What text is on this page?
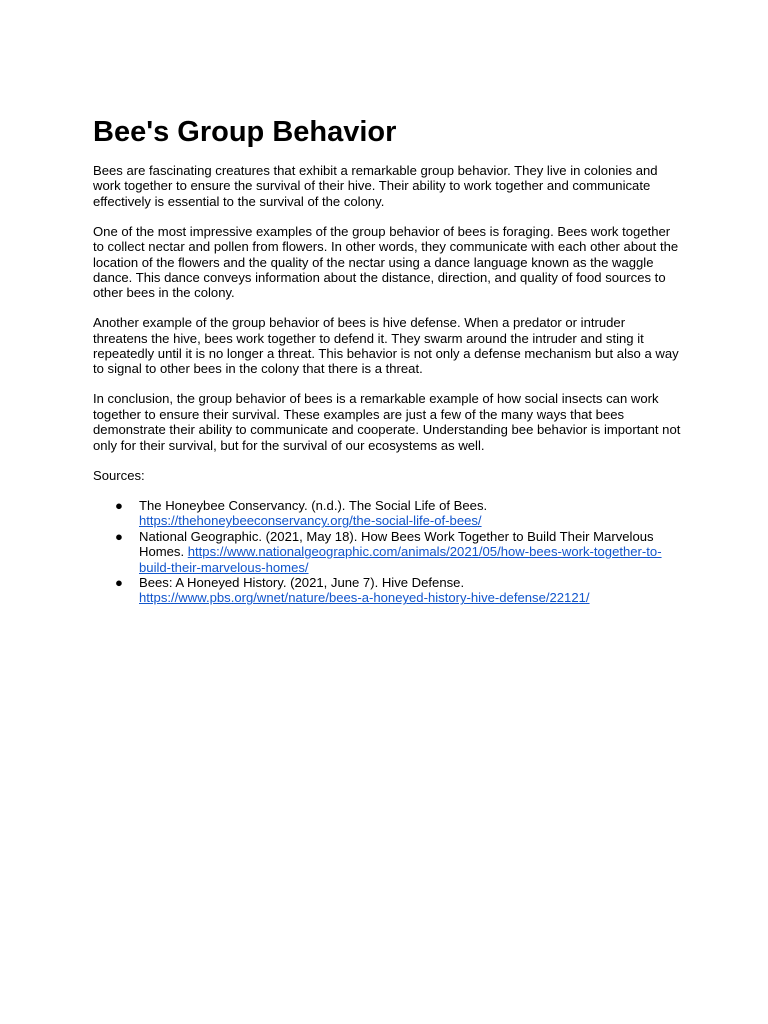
Bee's Group Behavior

Bees are fascinating creatures that exhibit a remarkable group behavior. They live in colonies and work together to ensure the survival of their hive. Their ability to work together and communicate effectively is essential to the survival of the colony.

One of the most impressive examples of the group behavior of bees is foraging. Bees work together to collect nectar and pollen from flowers. In other words, they communicate with each other about the location of the flowers and the quality of the nectar using a dance language known as the waggle dance. This dance conveys information about the distance, direction, and quality of food sources to other bees in the colony.

Another example of the group behavior of bees is hive defense. When a predator or intruder threatens the hive, bees work together to defend it. They swarm around the intruder and sting it repeatedly until it is no longer a threat. This behavior is not only a defense mechanism but also a way to signal to other bees in the colony that there is a threat.

In conclusion, the group behavior of bees is a remarkable example of how social insects can work together to ensure their survival. These examples are just a few of the many ways that bees demonstrate their ability to communicate and cooperate. Understanding bee behavior is important not only for their survival, but for the survival of our ecosystems as well.

Sources:

● The Honeybee Conservancy. (n.d.). The Social Life of Bees. https://thehoneybeeconservancy.org/the-social-life-of-bees/
● National Geographic. (2021, May 18). How Bees Work Together to Build Their Marvelous Homes. https://www.nationalgeographic.com/animals/2021/05/how-bees-work-together-to-build-their-marvelous-homes/
● Bees: A Honeyed History. (2021, June 7). Hive Defense. https://www.pbs.org/wnet/nature/bees-a-honeyed-history-hive-defense/22121/
